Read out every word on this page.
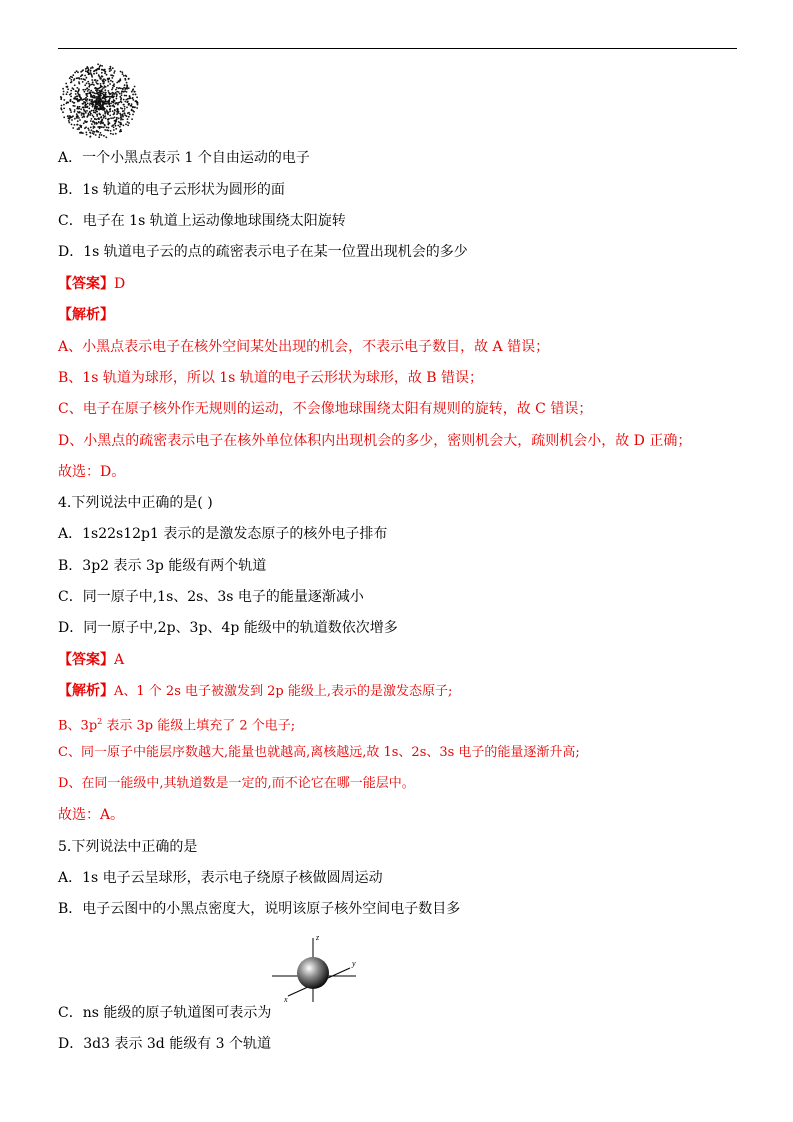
A．一个小黑点表示 1 个自由运动的电子
B．1s 轨道的电子云形状为圆形的面
C．电子在 1s 轨道上运动像地球围绕太阳旋转
D．1s 轨道电子云的点的疏密表示电子在某一位置出现机会的多少
【答案】D
【解析】
A、小黑点表示电子在核外空间某处出现的机会，不表示电子数目，故 A 错误；
B、1s 轨道为球形，所以 1s 轨道的电子云形状为球形，故 B 错误；
C、电子在原子核外作无规则的运动，不会像地球围绕太阳有规则的旋转，故 C 错误；
D、小黑点的疏密表示电子在核外单位体积内出现机会的多少，密则机会大，疏则机会小，故 D 正确；
故选：D。
4.下列说法中正确的是( )
A．1s22s12p1 表示的是激发态原子的核外电子排布
B．3p2 表示 3p 能级有两个轨道
C．同一原子中,1s、2s、3s 电子的能量逐渐减小
D．同一原子中,2p、3p、4p 能级中的轨道数依次增多
【答案】A
【解析】A、1 个 2s 电子被激发到 2p 能级上,表示的是激发态原子;
B、$3p^2$ 表示 3p 能级上填充了 2 个电子;
C、同一原子中能层序数越大,能量也就越高,离核越远,故 1s、2s、3s 电子的能量逐渐升高;
D、在同一能级中,其轨道数是一定的,而不论它在哪一能层中。
故选：A。
5.下列说法中正确的是
A．1s 电子云呈球形，表示电子绕原子核做圆周运动
B．电子云图中的小黑点密度大，说明该原子核外空间电子数目多
z
y
x
C．ns 能级的原子轨道图可表示为
D．3d3 表示 3d 能级有 3 个轨道
